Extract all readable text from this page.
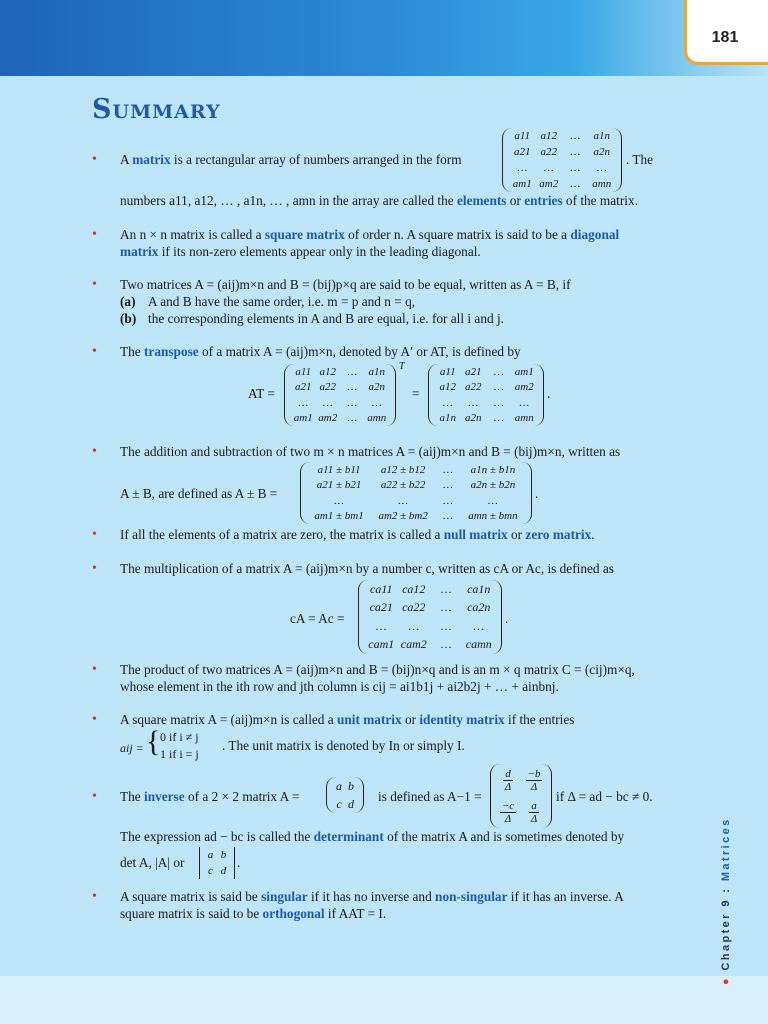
181
● Chapter 9 : Matrices
Summary
• A matrix is a rectangular array of numbers arranged in the form
a11 a12 … a1n
a21 a22 … a2n
… … … …
am1 am2 … amn
. The
numbers a11, a12, … , a1n, … , amn in the array are called the elements or entries of the matrix.
• An n × n matrix is called a square matrix of order n. A square matrix is said to be a diagonal
matrix if its non-zero elements appear only in the leading diagonal.
• Two matrices A = (aij)m×n and B = (bij)p×q are said to be equal, written as A = B, if
(a) A and B have the same order, i.e. m = p and n = q,
(b) the corresponding elements in A and B are equal, i.e. for all i and j.
• The transpose of a matrix A = (aij)m×n, denoted by A′ or AT, is defined by
AT =
a11 a12 … a1n
a21 a22 … a2n
… … … …
am1 am2 … amn
T
=
a11 a21 … am1
a12 a22 … am2
… … … …
a1n a2n … amn
.
• The addition and subtraction of two m × n matrices A = (aij)m×n and B = (bij)m×n, written as
A ± B, are defined as A ± B =
a11 ± b11 a12 ± b12 … a1n ± b1n
a21 ± b21 a22 ± b22 … a2n ± b2n
…	…	…	…
am1 ± bm1 am2 ± bm2 … amn ± bmn
.
• If all the elements of a matrix are zero, the matrix is called a null matrix or zero matrix.
• The multiplication of a matrix A = (aij)m×n by a number c, written as cA or Ac, is defined as
cA = Ac =
ca11 ca12 … ca1n
ca21 ca22 … ca2n
… … … …
cam1 cam2 … camn
.
• The product of two matrices A = (aij)m×n and B = (bij)n×q and is an m × q matrix C = (cij)m×q,
whose element in the ith row and jth column is cij = ai1b1j + ai2b2j + … + ainbnj.
• A square matrix A = (aij)m×n is called a unit matrix or identity matrix if the entries
aij = { 0 if i ≠ j
1 if i = j
. The unit matrix is denoted by In or simply I.
• The inverse of a 2 × 2 matrix A =
a b
c d is defined as A−1 =
$\frac{d}{\Delta} \frac{-b}{\Delta}$
$\frac{-c}{\Delta} \frac{a}{\Delta}$
if Δ = ad − bc ≠ 0.
The expression ad − bc is called the determinant of the matrix A and is sometimes denoted by
det A, |A| or a b
c d
.
• A square matrix is said be singular if it has no inverse and non-singular if it has an inverse. A
square matrix is said to be orthogonal if AAT = I.
